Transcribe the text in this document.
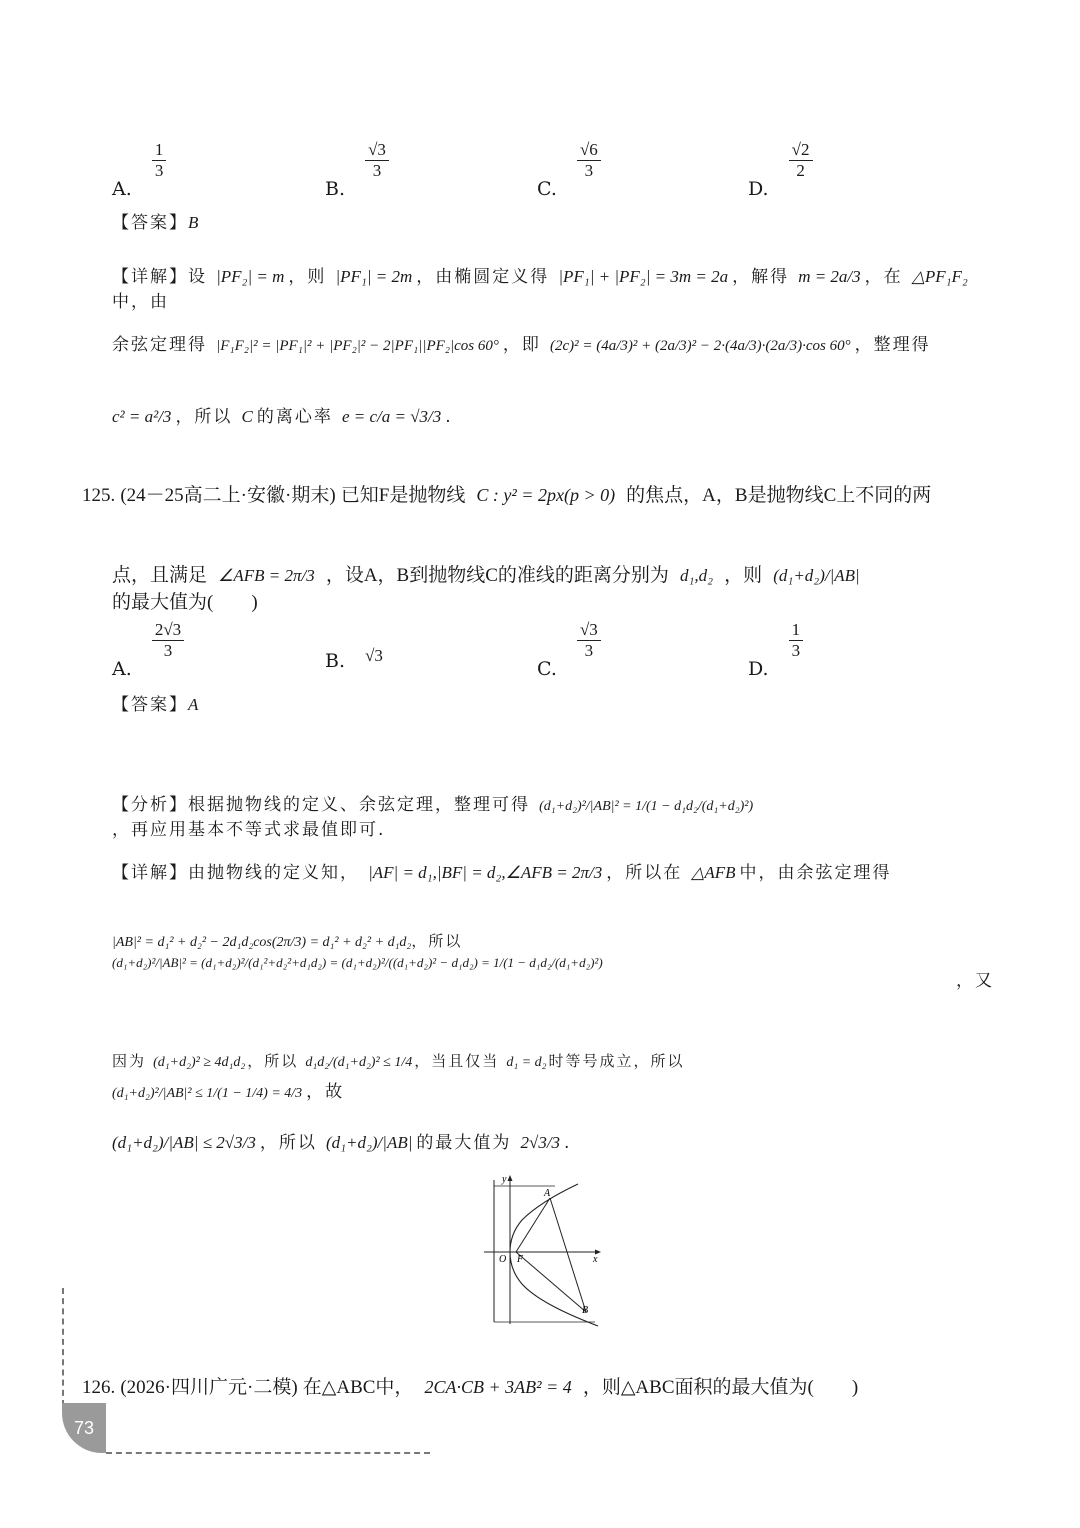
A.
$\frac{1}{3}$
B.
$\frac{√3}{3}$
C.
$\frac{√6}{3}$
D.
$\frac{√2}{2}$
【答案】B
【详解】设 |PF₂| = m ，则 |PF₁| = 2m ，由椭圆定义得 |PF₁| + |PF₂| = 3m = 2a ，解得 m = 2a/3 ，在 △PF₁F₂中，由
余弦定理得 |F₁F₂|² = |PF₁|² + |PF₂|² − 2|PF₁||PF₂|cos 60° ，即 (2c)² = (4a/3)² + (2a/3)² − 2·(4a/3)·(2a/3)·cos 60° ，整理得
c² = a²/3 ，所以 C 的离心率 e = c/a = √3/3 .
125. (24－25高二上·安徽·期末) 已知F是抛物线 C : y² = 2px(p > 0) 的焦点，A，B是抛物线C上不同的两
点，且满足 ∠AFB = 2π/3 ，设A，B到抛物线C的准线的距离分别为 d₁,d₂ ，则 (d₁+d₂)/|AB| 的最大值为(　　)
A.
$\frac{2√3}{3}$
B. √3
C.
$\frac{√3}{3}$
D.
$\frac{1}{3}$
【答案】A
【分析】根据抛物线的定义、余弦定理，整理可得 (d₁+d₂)²/|AB|² = 1/(1 − d₁d₂/(d₁+d₂)²) ，再应用基本不等式求最值即可.
【详解】由抛物线的定义知， |AF| = d₁,|BF| = d₂,∠AFB = 2π/3 ，所以在 △AFB 中，由余弦定理得
|AB|² = d₁² + d₂² − 2d₁d₂cos(2π/3) = d₁² + d₂² + d₁d₂，所以
(d₁+d₂)²/|AB|² = (d₁+d₂)²/(d₁²+d₂²+d₁d₂) = (d₁+d₂)²/((d₁+d₂)² − d₁d₂) = 1/(1 − d₁d₂/(d₁+d₂)²)
，又
因为 (d₁+d₂)² ≥ 4d₁d₂ ，所以 d₁d₂/(d₁+d₂)² ≤ 1/4 ，当且仅当 d₁ = d₂ 时等号成立，所以
(d₁+d₂)²/|AB|² ≤ 1/(1 − 1/4) = 4/3 ，故
(d₁+d₂)/|AB| ≤ 2√3/3 ，所以 (d₁+d₂)/|AB| 的最大值为 2√3/3 .
y
x
O F
A
B
126. (2026·四川广元·二模) 在△ABC中， 2CA·CB + 3AB² = 4 ，则△ABC面积的最大值为(　　)
73
